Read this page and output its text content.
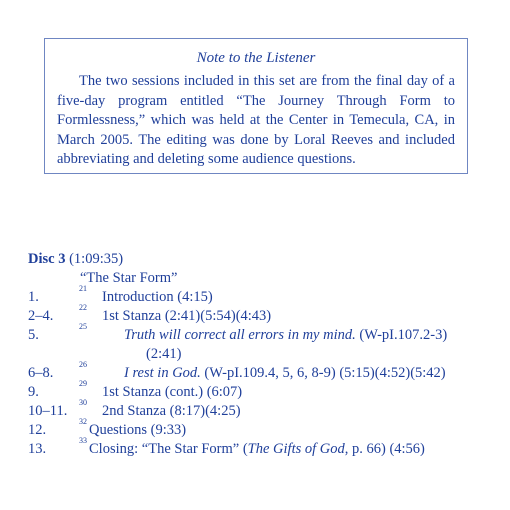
Note to the Listener
The two sessions included in this set are from the final day of a five-day program entitled “The Journey Through Form to Formlessness,” which was held at the Center in Temecula, CA, in March 2005. The editing was done by Loral Reeves and included abbreviating and deleting some audience questions.
Disc 3 (1:09:35)
“The Star Form”
1.
21
Introduction (4:15)
2–4.
22
1st Stanza (2:41)(5:54)(4:43)
5.
25
Truth will correct all errors in my mind. (W-pI.107.2-3)
(2:41)
6–8.
26
I rest in God. (W-pI.109.4, 5, 6, 8-9) (5:15)(4:52)(5:42)
9.
29
1st Stanza (cont.) (6:07)
10–11.
30
2nd Stanza (8:17)(4:25)
12.
32
Questions (9:33)
13.
33
Closing: “The Star Form” (The Gifts of God, p. 66) (4:56)
